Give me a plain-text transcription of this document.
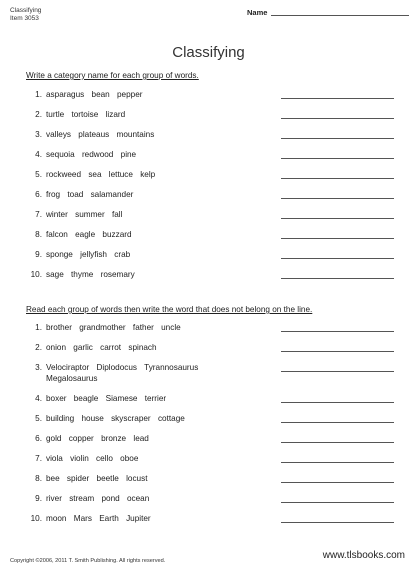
Classifying
Item 3053
Name
Classifying
Write a category name for each group of words.
1. asparagus bean pepper
2. turtle tortoise lizard
3. valleys plateaus mountains
4. sequoia redwood pine
5. rockweed sea lettuce kelp
6. frog toad salamander
7. winter summer fall
8. falcon eagle buzzard
9. sponge jellyfish crab
10. sage thyme rosemary
Read each group of words then write the word that does not belong on the line.
1. brother grandmother father uncle
2. onion garlic carrot spinach
3. Velociraptor Diplodocus Tyrannosaurus
Megalosaurus
4. boxer beagle Siamese terrier
5. building house skyscraper cottage
6. gold copper bronze lead
7. viola violin cello oboe
8. bee spider beetle locust
9. river stream pond ocean
10. moon Mars Earth Jupiter
Copyright ©2006, 2011 T. Smith Publishing. All rights reserved.	www.tlsbooks.com
